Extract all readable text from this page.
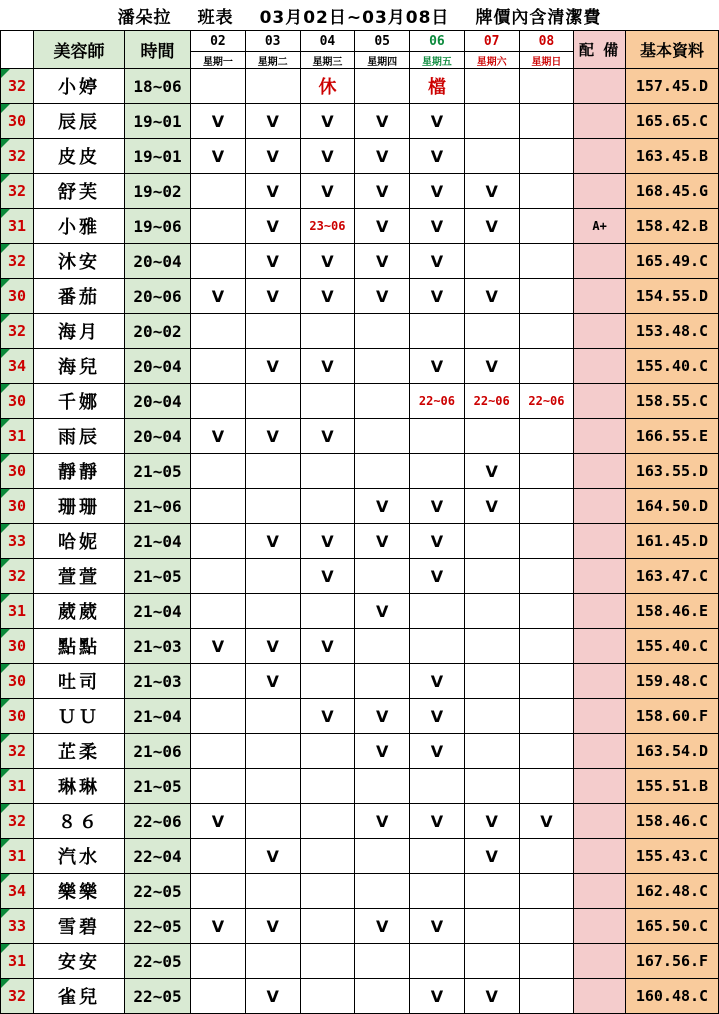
潘朵拉 班表 03月02日~03月08日 牌價內含清潔費
	美容師	時間	02	03	04	05	06	07	08	配 備	基本資料
			星期一	星期二	星期三	星期四	星期五	星期六	星期日		
32	小婷	18~06			休		檔				157.45.D
30	辰辰	19~01	V	V	V	V	V				165.65.C
32	皮皮	19~01	V	V	V	V	V				163.45.B
32	舒芙	19~02		V	V	V	V	V			168.45.G
31	小雅	19~06		V	23~06	V	V	V		A+	158.42.B
32	沐安	20~04		V	V	V	V				165.49.C
30	番茄	20~06	V	V	V	V	V	V			154.55.D
32	海月	20~02									153.48.C
34	海兒	20~04		V	V		V	V			155.40.C
30	千娜	20~04					22~06	22~06	22~06		158.55.C
31	雨辰	20~04	V	V	V						166.55.E
30	靜靜	21~05						V			163.55.D
30	珊珊	21~06				V	V	V			164.50.D
33	哈妮	21~04		V	V	V	V				161.45.D
32	萱萱	21~05			V		V				163.47.C
31	葳葳	21~04				V					158.46.E
30	點點	21~03	V	V	V						155.40.C
30	吐司	21~03		V			V				159.48.C
30	ＵＵ	21~04			V	V	V				158.60.F
32	芷柔	21~06				V	V				163.54.D
31	琳琳	21~05									155.51.B
32	８６	22~06	V			V	V	V	V		158.46.C
31	汽水	22~04		V				V			155.43.C
34	樂樂	22~05									162.48.C
33	雪碧	22~05	V	V		V	V				165.50.C
31	安安	22~05									167.56.F
32	雀兒	22~05		V			V	V			160.48.C
